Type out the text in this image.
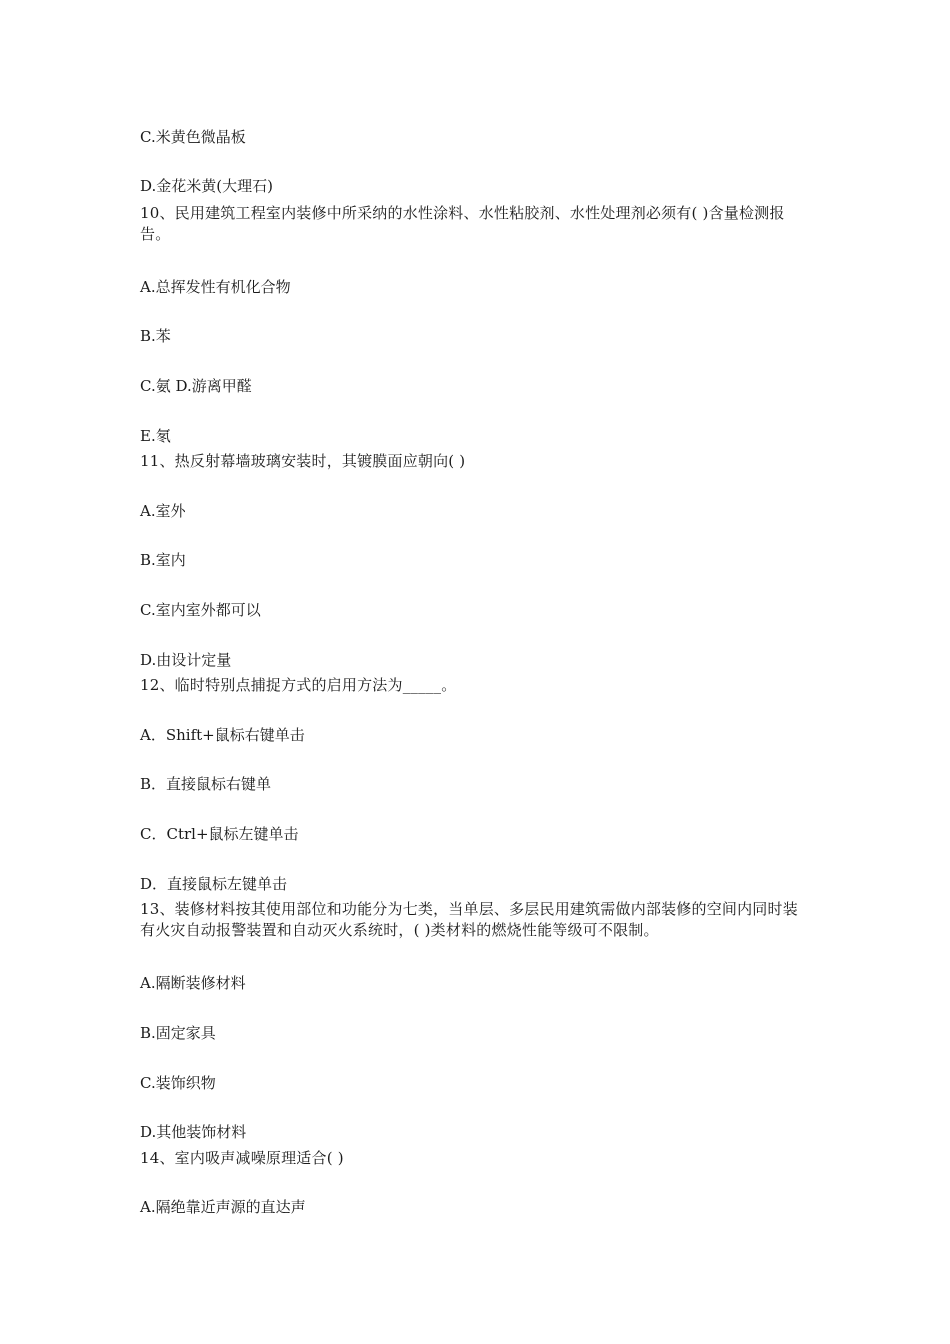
C.米黄色微晶板
D.金花米黄(大理石)
10、民用建筑工程室内装修中所采纳的水性涂料、水性粘胶剂、水性处理剂必须有( )含量检测报告。
A.总挥发性有机化合物
B.苯
C.氨 D.游离甲醛
E.氡
11、热反射幕墙玻璃安装时，其镀膜面应朝向( )
A.室外
B.室内
C.室内室外都可以
D.由设计定量
12、临时特别点捕捉方式的启用方法为_____。
A．Shift+鼠标右键单击
B．直接鼠标右键单
C．Ctrl+鼠标左键单击
D．直接鼠标左键单击
13、装修材料按其使用部位和功能分为七类，当单层、多层民用建筑需做内部装修的空间内同时装有火灾自动报警装置和自动灭火系统时，( )类材料的燃烧性能等级可不限制。
A.隔断装修材料
B.固定家具
C.装饰织物
D.其他装饰材料
14、室内吸声减噪原理适合( )
A.隔绝靠近声源的直达声
